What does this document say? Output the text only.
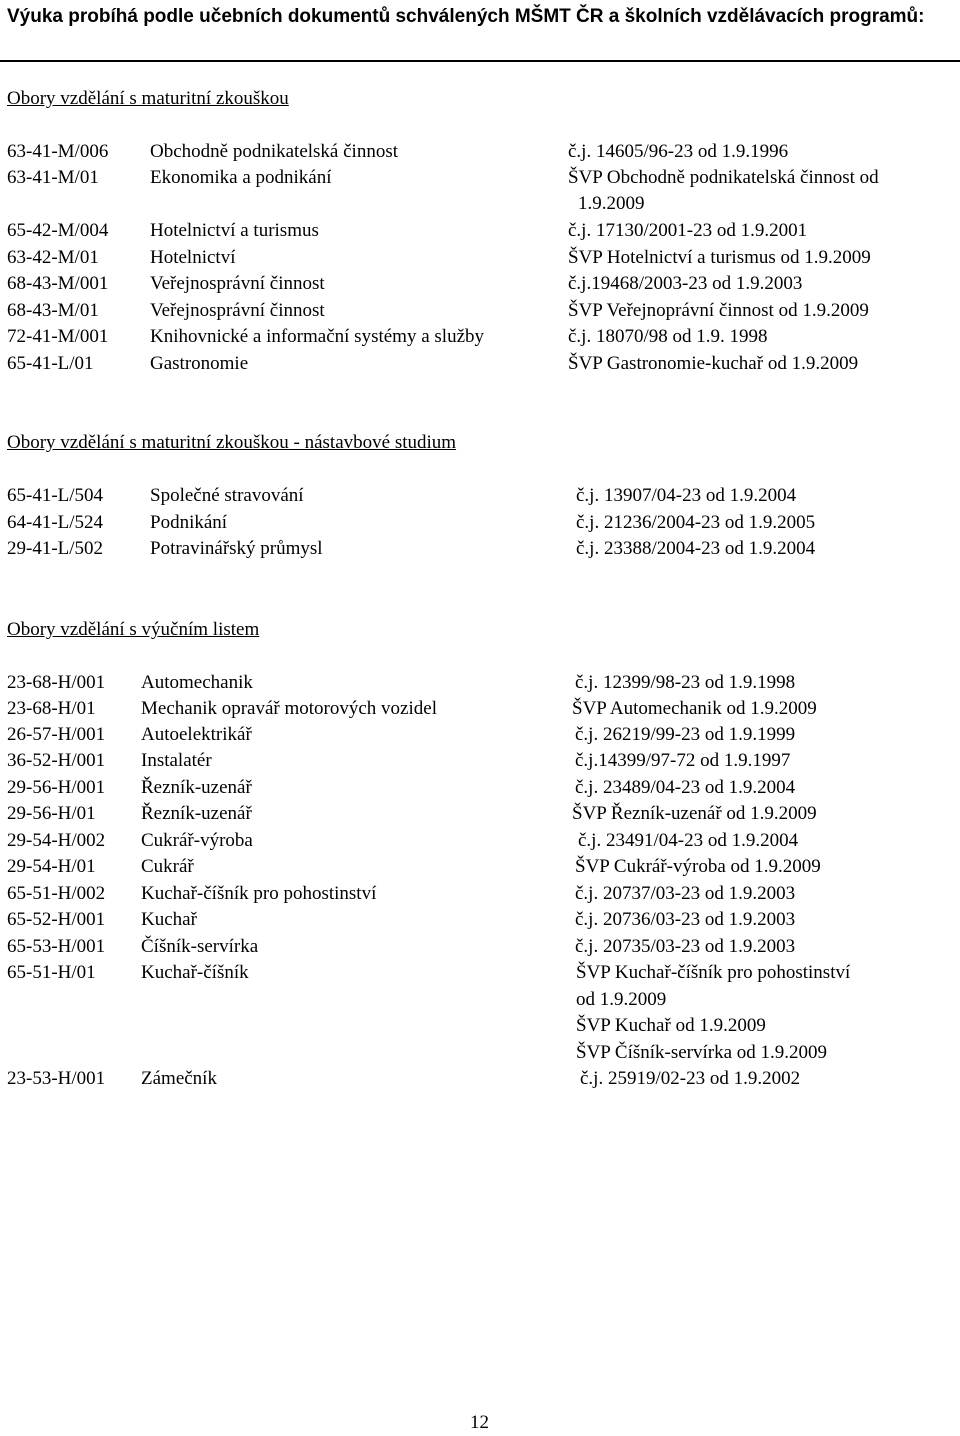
Výuka probíhá podle učebních dokumentů schválených MŠMT ČR a školních vzdělávacích programů:
Obory vzdělání s maturitní zkouškou
63-41-M/006 Obchodně podnikatelská činnost	č.j. 14605/96-23 od 1.9.1996
63-41-M/01	Ekonomika a podnikání	ŠVP Obchodně podnikatelská činnost od
1.9.2009
65-42-M/004 Hotelnictví a turismus	č.j. 17130/2001-23 od 1.9.2001
63-42-M/01	Hotelnictví	ŠVP Hotelnictví a turismus od 1.9.2009
68-43-M/001 Veřejnosprávní činnost	č.j.19468/2003-23 od 1.9.2003
68-43-M/01	Veřejnosprávní činnost	ŠVP Veřejnoprávní činnost od 1.9.2009
72-41-M/001 Knihovnické a informační systémy a služby	č.j. 18070/98 od 1.9. 1998
65-41-L/01	Gastronomie	ŠVP Gastronomie-kuchař od 1.9.2009
Obory vzdělání s maturitní zkouškou - nástavbové studium
65-41-L/504 Společné stravování	č.j. 13907/04-23 od 1.9.2004
64-41-L/524 Podnikání	č.j. 21236/2004-23 od 1.9.2005
29-41-L/502 Potravinářský průmysl	č.j. 23388/2004-23 od 1.9.2004
Obory vzdělání s výučním listem
23-68-H/001 Automechanik	č.j. 12399/98-23 od 1.9.1998
23-68-H/01 Mechanik opravář motorových vozidel	ŠVP Automechanik od 1.9.2009
26-57-H/001 Autoelektrikář	č.j. 26219/99-23 od 1.9.1999
36-52-H/001 Instalatér	č.j.14399/97-72 od 1.9.1997
29-56-H/001 Řezník-uzenář	č.j. 23489/04-23 od 1.9.2004
29-56-H/01 Řezník-uzenář	ŠVP Řezník-uzenář od 1.9.2009
29-54-H/002 Cukrář-výroba	č.j. 23491/04-23 od 1.9.2004
29-54-H/01 Cukrář	ŠVP Cukrář-výroba od 1.9.2009
65-51-H/002 Kuchař-číšník pro pohostinství	č.j. 20737/03-23 od 1.9.2003
65-52-H/001 Kuchař	č.j. 20736/03-23 od 1.9.2003
65-53-H/001 Číšník-servírka	č.j. 20735/03-23 od 1.9.2003
65-51-H/01 Kuchař-číšník	ŠVP Kuchař-číšník pro pohostinství
od 1.9.2009
ŠVP Kuchař od 1.9.2009
ŠVP Číšník-servírka od 1.9.2009
23-53-H/001 Zámečník	č.j. 25919/02-23 od 1.9.2002
12
